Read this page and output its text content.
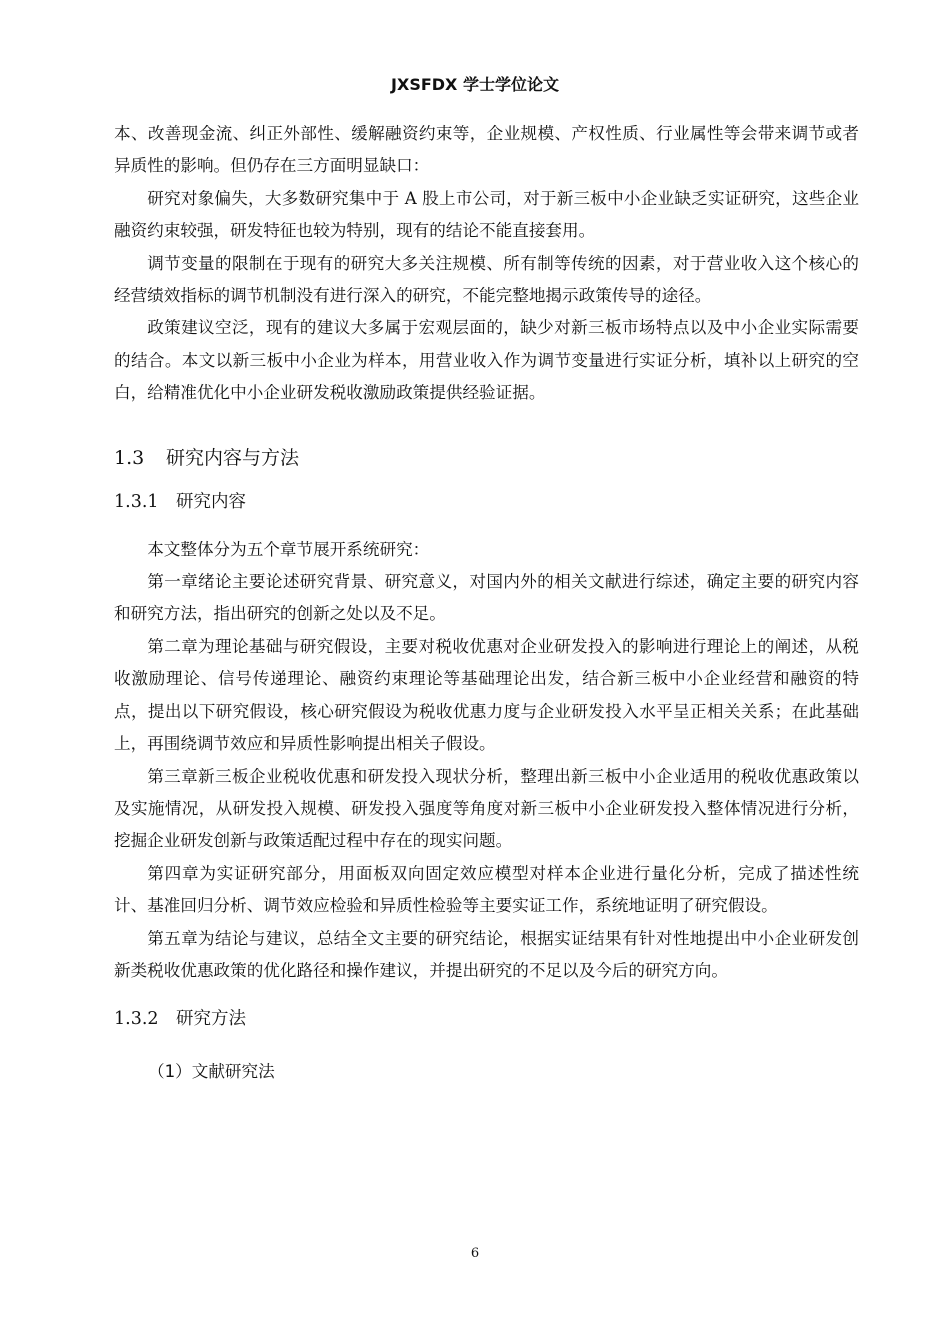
JXSFDX 学士学位论文

本、改善现金流、纠正外部性、缓解融资约束等，企业规模、产权性质、行业属性等会带来调节或者异质性的影响。但仍存在三方面明显缺口：

研究对象偏失，大多数研究集中于 A 股上市公司，对于新三板中小企业缺乏实证研究，这些企业融资约束较强，研发特征也较为特别，现有的结论不能直接套用。

调节变量的限制在于现有的研究大多关注规模、所有制等传统的因素，对于营业收入这个核心的经营绩效指标的调节机制没有进行深入的研究，不能完整地揭示政策传导的途径。

政策建议空泛，现有的建议大多属于宏观层面的，缺少对新三板市场特点以及中小企业实际需要的结合。本文以新三板中小企业为样本，用营业收入作为调节变量进行实证分析，填补以上研究的空白，给精准优化中小企业研发税收激励政策提供经验证据。

1.3 研究内容与方法
1.3.1 研究内容

本文整体分为五个章节展开系统研究：

第一章绪论主要论述研究背景、研究意义，对国内外的相关文献进行综述，确定主要的研究内容和研究方法，指出研究的创新之处以及不足。

第二章为理论基础与研究假设，主要对税收优惠对企业研发投入的影响进行理论上的阐述，从税收激励理论、信号传递理论、融资约束理论等基础理论出发，结合新三板中小企业经营和融资的特点，提出以下研究假设，核心研究假设为税收优惠力度与企业研发投入水平呈正相关关系；在此基础上，再围绕调节效应和异质性影响提出相关子假设。

第三章新三板企业税收优惠和研发投入现状分析，整理出新三板中小企业适用的税收优惠政策以及实施情况，从研发投入规模、研发投入强度等角度对新三板中小企业研发投入整体情况进行分析，挖掘企业研发创新与政策适配过程中存在的现实问题。

第四章为实证研究部分，用面板双向固定效应模型对样本企业进行量化分析，完成了描述性统计、基准回归分析、调节效应检验和异质性检验等主要实证工作，系统地证明了研究假设。

第五章为结论与建议，总结全文主要的研究结论，根据实证结果有针对性地提出中小企业研发创新类税收优惠政策的优化路径和操作建议，并提出研究的不足以及今后的研究方向。

1.3.2 研究方法
（1）文献研究法
6
